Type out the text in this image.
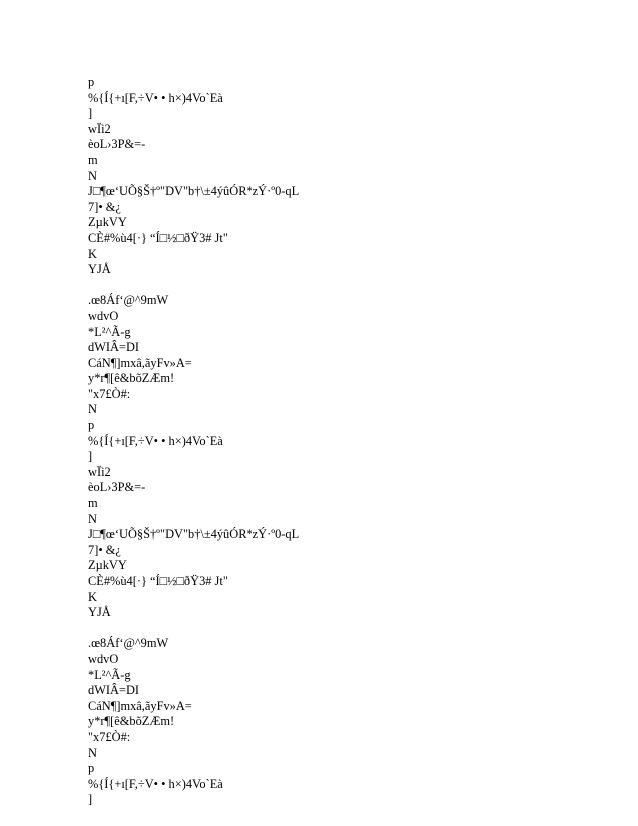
p
%{Í{+ı[F,÷V• • h×)4Vo`Eà
]
wÏì2
èoL›3P&=-
m
N
J□¶œ‘UÕ§Š†º"DV"b†\±4ýûÓR*zÝ·º0-qL
7]• &¿
ZµkVY
CÈ#%ù4[·} “Í□½□ðŸ3# Jt"
K
YJÅ
.œ8Áf‘@^9mW
wdvO
*L²^Ã-g
dWIÂ=DI
CáN¶]mxâ,ãyFv»A=
y*r¶[ê&bõZÆm!
"x7£Ò#:
N
p
%{Í{+ı[F,÷V• • h×)4Vo`Eà
]
wÏì2
èoL›3P&=-
m
N
J□¶œ‘UÕ§Š†º"DV"b†\±4ýûÓR*zÝ·º0-qL
7]• &¿
ZµkVY
CÈ#%ù4[·} “Í□½□ðŸ3# Jt"
K
YJÅ
.œ8Áf‘@^9mW
wdvO
*L²^Ã-g
dWIÂ=DI
CáN¶]mxâ,ãyFv»A=
y*r¶[ê&bõZÆm!
"x7£Ò#:
N
p
%{Í{+ı[F,÷V• • h×)4Vo`Eà
]
